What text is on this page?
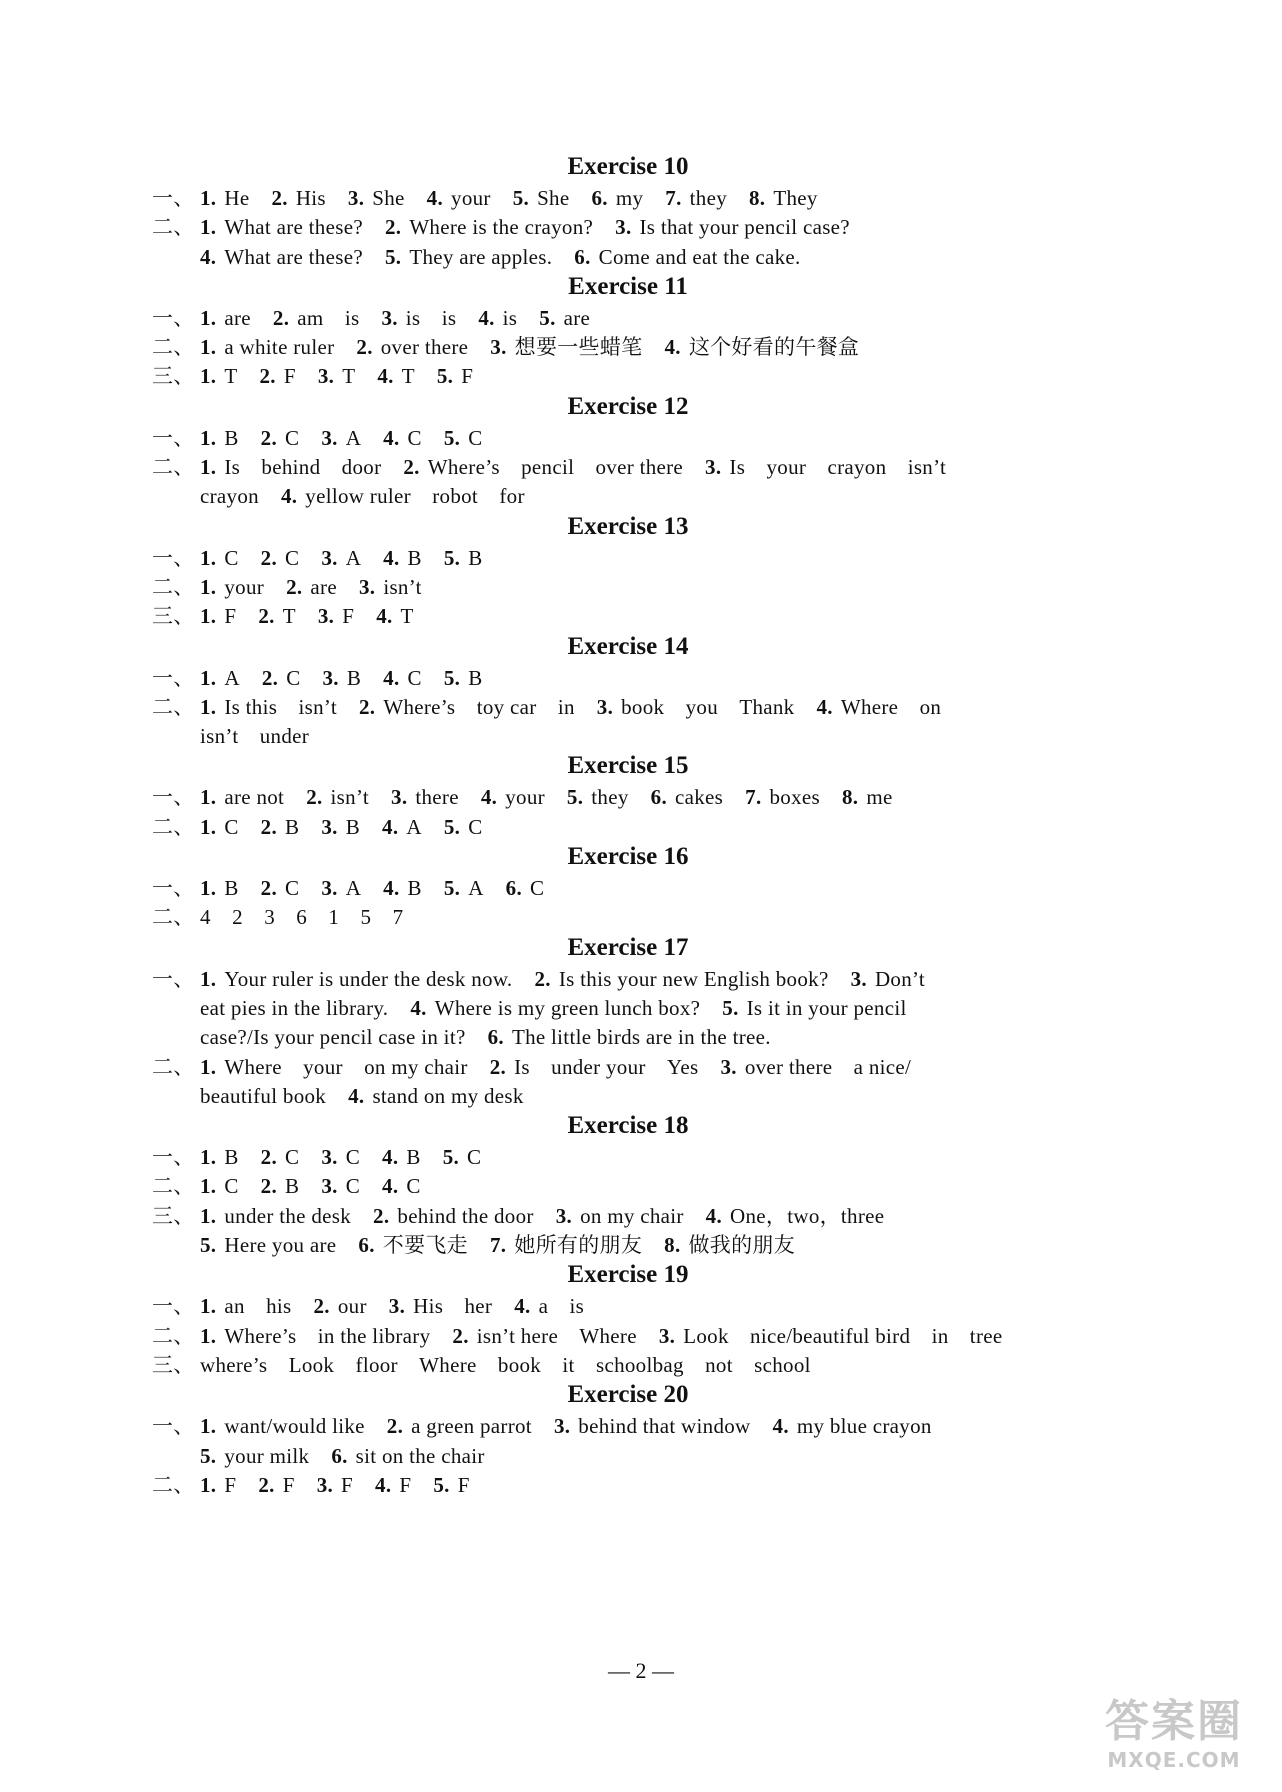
Exercise 10
一、 1. He 2. His 3. She 4. your 5. She 6. my 7. they 8. They
二、 1. What are these? 2. Where is the crayon? 3. Is that your pencil case?
4. What are these? 5. They are apples. 6. Come and eat the cake.
Exercise 11
一、 1. are 2. am　is 3. is　is 4. is 5. are
二、 1. a white ruler 2. over there 3. 想要一些蜡笔 4. 这个好看的午餐盒
三、 1. T 2. F 3. T 4. T 5. F
Exercise 12
一、 1. B 2. C 3. A 4. C 5. C
二、 1. Is　behind　door 2. Where’s　pencil　over there 3. Is　your　crayon　isn’t
crayon 4. yellow ruler　robot　for
Exercise 13
一、 1. C 2. C 3. A 4. B 5. B
二、 1. your 2. are 3. isn’t
三、 1. F 2. T 3. F 4. T
Exercise 14
一、 1. A 2. C 3. B 4. C 5. B
二、 1. Is this　isn’t 2. Where’s　toy car　in 3. book　you　Thank 4. Where　on
isn’t　under
Exercise 15
一、 1. are not 2. isn’t 3. there 4. your 5. they 6. cakes 7. boxes 8. me
二、 1. C 2. B 3. B 4. A 5. C
Exercise 16
一、 1. B 2. C 3. A 4. B 5. A 6. C
二、 4　2　3　6　1　5　7
Exercise 17
一、 1. Your ruler is under the desk now. 2. Is this your new English book? 3. Don’t
eat pies in the library. 4. Where is my green lunch box? 5. Is it in your pencil
case?/Is your pencil case in it? 6. The little birds are in the tree.
二、 1. Where　your　on my chair 2. Is　under your　Yes 3. over there　a nice/
beautiful book 4. stand on my desk
Exercise 18
一、 1. B 2. C 3. C 4. B 5. C
二、 1. C 2. B 3. C 4. C
三、 1. under the desk 2. behind the door 3. on my chair 4. One，two，three
5. Here you are 6. 不要飞走 7. 她所有的朋友 8. 做我的朋友
Exercise 19
一、 1. an　his 2. our 3. His　her 4. a　is
二、 1. Where’s　in the library 2. isn’t here　Where 3. Look　nice/beautiful bird　in　tree
三、 where’s　Look　floor　Where　book　it　schoolbag　not　school
Exercise 20
一、 1. want/would like 2. a green parrot 3. behind that window 4. my blue crayon
5. your milk 6. sit on the chair
二、 1. F 2. F 3. F 4. F 5. F
— 2 —
答案圈
MXQE.COM
